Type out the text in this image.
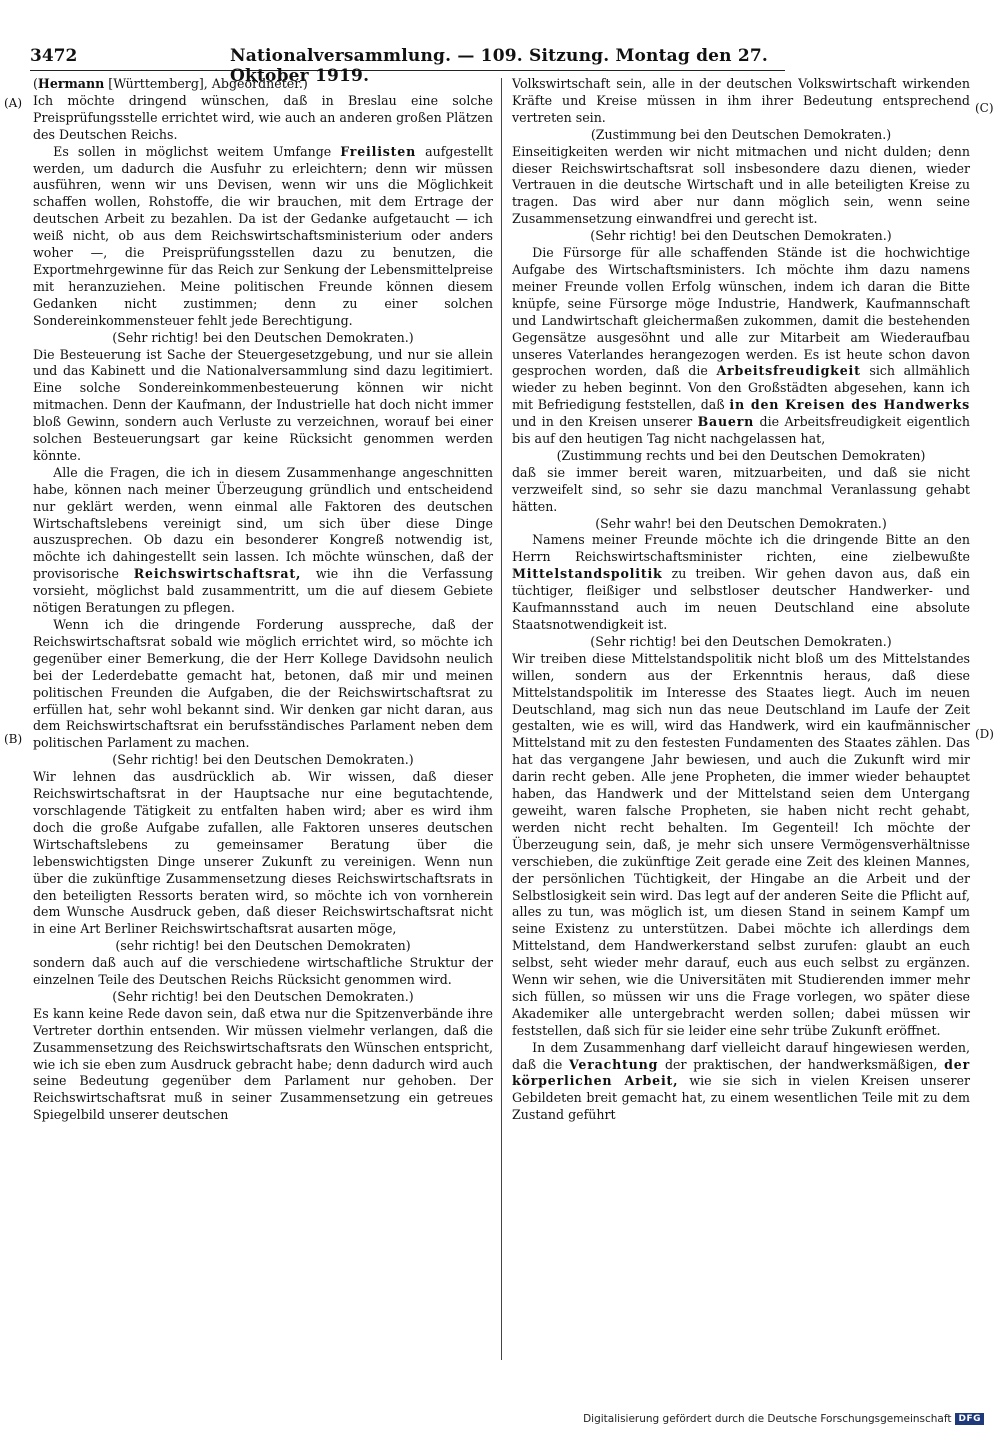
3472	Nationalversammlung. — 109. Sitzung. Montag den 27. Oktober 1919.
(A)
(B)
(C)
(D)

(Hermann [Württemberg], Abgeordneter.)

Ich möchte dringend wünschen, daß in Breslau eine solche Preisprüfungsstelle errichtet wird, wie auch an anderen großen Plätzen des Deutschen Reichs.

Es sollen in möglichst weitem Umfange Freilisten aufgestellt werden, um dadurch die Ausfuhr zu erleichtern; denn wir müssen ausführen, wenn wir uns Devisen, wenn wir uns die Möglichkeit schaffen wollen, Rohstoffe, die wir brauchen, mit dem Ertrage der deutschen Arbeit zu bezahlen. Da ist der Gedanke aufgetaucht — ich weiß nicht, ob aus dem Reichswirtschaftsministerium oder anders woher —, die Preisprüfungsstellen dazu zu benutzen, die Exportmehrgewinne für das Reich zur Senkung der Lebensmittelpreise mit heranzuziehen. Meine politischen Freunde können diesem Gedanken nicht zustimmen; denn zu einer solchen Sondereinkommensteuer fehlt jede Berechtigung.

(Sehr richtig! bei den Deutschen Demokraten.)

Die Besteuerung ist Sache der Steuergesetzgebung, und nur sie allein und das Kabinett und die Nationalversammlung sind dazu legitimiert. Eine solche Sondereinkommenbesteuerung können wir nicht mitmachen. Denn der Kaufmann, der Industrielle hat doch nicht immer bloß Gewinn, sondern auch Verluste zu verzeichnen, worauf bei einer solchen Besteuerungsart gar keine Rücksicht genommen werden könnte.

Alle die Fragen, die ich in diesem Zusammenhange angeschnitten habe, können nach meiner Überzeugung gründlich und entscheidend nur geklärt werden, wenn einmal alle Faktoren des deutschen Wirtschaftslebens vereinigt sind, um sich über diese Dinge auszusprechen. Ob dazu ein besonderer Kongreß notwendig ist, möchte ich dahingestellt sein lassen. Ich möchte wünschen, daß der provisorische Reichswirtschaftsrat, wie ihn die Verfassung vorsieht, möglichst bald zusammentritt, um die auf diesem Gebiete nötigen Beratungen zu pflegen.

Wenn ich die dringende Forderung ausspreche, daß der Reichswirtschaftsrat sobald wie möglich errichtet wird, so möchte ich gegenüber einer Bemerkung, die der Herr Kollege Davidsohn neulich bei der Lederdebatte gemacht hat, betonen, daß mir und meinen politischen Freunden die Aufgaben, die der Reichswirtschaftsrat zu erfüllen hat, sehr wohl bekannt sind. Wir denken gar nicht daran, aus dem Reichswirtschaftsrat ein berufsständisches Parlament neben dem politischen Parlament zu machen.

(Sehr richtig! bei den Deutschen Demokraten.)

Wir lehnen das ausdrücklich ab. Wir wissen, daß dieser Reichswirtschaftsrat in der Hauptsache nur eine begutachtende, vorschlagende Tätigkeit zu entfalten haben wird; aber es wird ihm doch die große Aufgabe zufallen, alle Faktoren unseres deutschen Wirtschaftslebens zu gemeinsamer Beratung über die lebenswichtigsten Dinge unserer Zukunft zu vereinigen. Wenn nun über die zukünftige Zusammensetzung dieses Reichswirtschaftsrats in den beteiligten Ressorts beraten wird, so möchte ich von vornherein dem Wunsche Ausdruck geben, daß dieser Reichswirtschaftsrat nicht in eine Art Berliner Reichswirtschaftsrat ausarten möge,

(sehr richtig! bei den Deutschen Demokraten)

sondern daß auch auf die verschiedene wirtschaftliche Struktur der einzelnen Teile des Deutschen Reichs Rücksicht genommen wird.

(Sehr richtig! bei den Deutschen Demokraten.)

Es kann keine Rede davon sein, daß etwa nur die Spitzenverbände ihre Vertreter dorthin entsenden. Wir müssen vielmehr verlangen, daß die Zusammensetzung des Reichswirtschaftsrats den Wünschen entspricht, wie ich sie eben zum Ausdruck gebracht habe; denn dadurch wird auch seine Bedeutung gegenüber dem Parlament nur gehoben. Der Reichswirtschaftsrat muß in seiner Zusammensetzung ein getreues Spiegelbild unserer deutschen

Volkswirtschaft sein, alle in der deutschen Volkswirtschaft wirkenden Kräfte und Kreise müssen in ihm ihrer Bedeutung entsprechend vertreten sein.

(Zustimmung bei den Deutschen Demokraten.)

Einseitigkeiten werden wir nicht mitmachen und nicht dulden; denn dieser Reichswirtschaftsrat soll insbesondere dazu dienen, wieder Vertrauen in die deutsche Wirtschaft und in alle beteiligten Kreise zu tragen. Das wird aber nur dann möglich sein, wenn seine Zusammensetzung einwandfrei und gerecht ist.

(Sehr richtig! bei den Deutschen Demokraten.)

Die Fürsorge für alle schaffenden Stände ist die hochwichtige Aufgabe des Wirtschaftsministers. Ich möchte ihm dazu namens meiner Freunde vollen Erfolg wünschen, indem ich daran die Bitte knüpfe, seine Fürsorge möge Industrie, Handwerk, Kaufmannschaft und Landwirtschaft gleichermaßen zukommen, damit die bestehenden Gegensätze ausgesöhnt und alle zur Mitarbeit am Wiederaufbau unseres Vaterlandes herangezogen werden. Es ist heute schon davon gesprochen worden, daß die Arbeitsfreudigkeit sich allmählich wieder zu heben beginnt. Von den Großstädten abgesehen, kann ich mit Befriedigung feststellen, daß in den Kreisen des Handwerks und in den Kreisen unserer Bauern die Arbeitsfreudigkeit eigentlich bis auf den heutigen Tag nicht nachgelassen hat,

(Zustimmung rechts und bei den Deutschen Demokraten)

daß sie immer bereit waren, mitzuarbeiten, und daß sie nicht verzweifelt sind, so sehr sie dazu manchmal Veranlassung gehabt hätten.

(Sehr wahr! bei den Deutschen Demokraten.)

Namens meiner Freunde möchte ich die dringende Bitte an den Herrn Reichswirtschaftsminister richten, eine zielbewußte Mittelstandspolitik zu treiben. Wir gehen davon aus, daß ein tüchtiger, fleißiger und selbstloser deutscher Handwerker- und Kaufmannsstand auch im neuen Deutschland eine absolute Staatsnotwendigkeit ist.

(Sehr richtig! bei den Deutschen Demokraten.)

Wir treiben diese Mittelstandspolitik nicht bloß um des Mittelstandes willen, sondern aus der Erkenntnis heraus, daß diese Mittelstandspolitik im Interesse des Staates liegt. Auch im neuen Deutschland, mag sich nun das neue Deutschland im Laufe der Zeit gestalten, wie es will, wird das Handwerk, wird ein kaufmännischer Mittelstand mit zu den festesten Fundamenten des Staates zählen. Das hat das vergangene Jahr bewiesen, und auch die Zukunft wird mir darin recht geben. Alle jene Propheten, die immer wieder behauptet haben, das Handwerk und der Mittelstand seien dem Untergang geweiht, waren falsche Propheten, sie haben nicht recht gehabt, werden nicht recht behalten. Im Gegenteil! Ich möchte der Überzeugung sein, daß, je mehr sich unsere Vermögensverhältnisse verschieben, die zukünftige Zeit gerade eine Zeit des kleinen Mannes, der persönlichen Tüchtigkeit, der Hingabe an die Arbeit und der Selbstlosigkeit sein wird. Das legt auf der anderen Seite die Pflicht auf, alles zu tun, was möglich ist, um diesen Stand in seinem Kampf um seine Existenz zu unterstützen. Dabei möchte ich allerdings dem Mittelstand, dem Handwerkerstand selbst zurufen: glaubt an euch selbst, seht wieder mehr darauf, euch aus euch selbst zu ergänzen. Wenn wir sehen, wie die Universitäten mit Studierenden immer mehr sich füllen, so müssen wir uns die Frage vorlegen, wo später diese Akademiker alle untergebracht werden sollen; dabei müssen wir feststellen, daß sich für sie leider eine sehr trübe Zukunft eröffnet.

In dem Zusammenhang darf vielleicht darauf hingewiesen werden, daß die Verachtung der praktischen, der handwerksmäßigen, der körperlichen Arbeit, wie sie sich in vielen Kreisen unserer Gebildeten breit gemacht hat, zu einem wesentlichen Teile mit zu dem Zustand geführt

Digitalisierung gefördert durch die Deutsche Forschungsgemeinschaft DFG
